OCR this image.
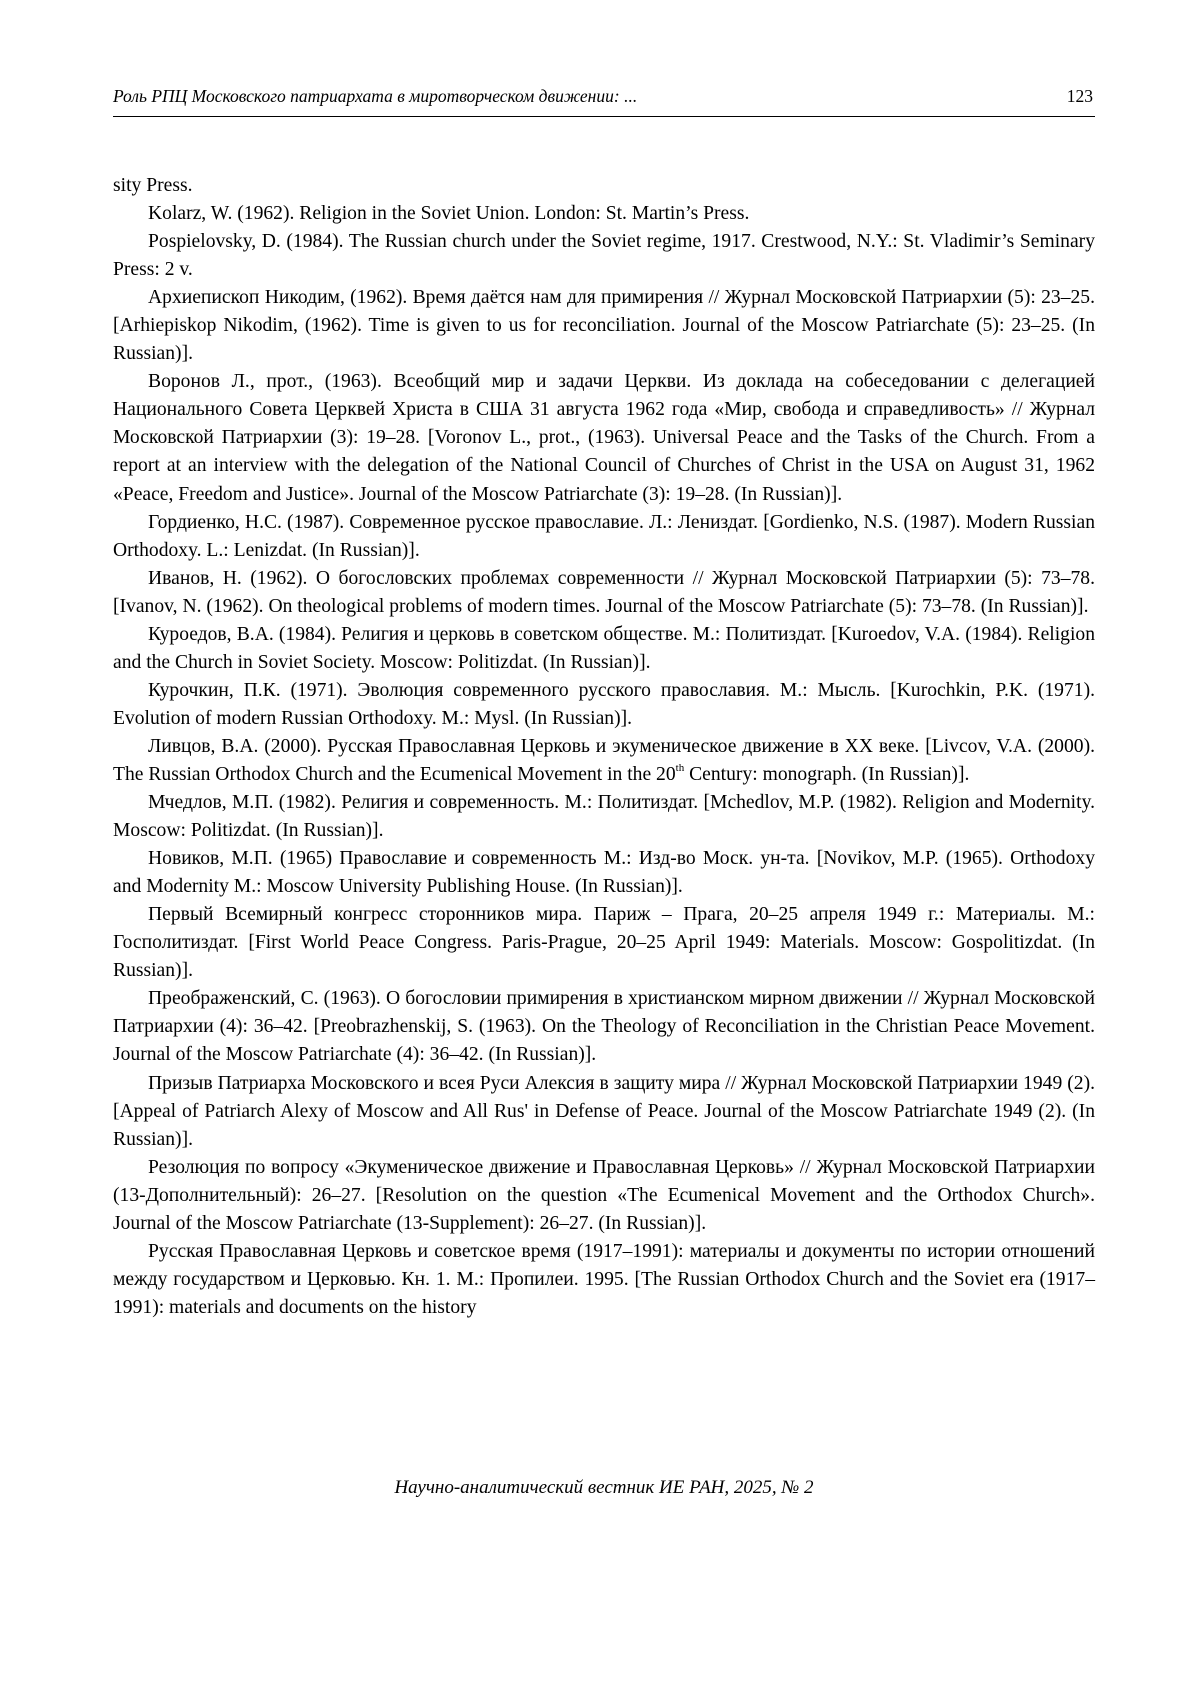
Роль РПЦ Московского патриархата в миротворческом движении: ...	123

sity Press.

Kolarz, W. (1962). Religion in the Soviet Union. London: St. Martin’s Press.

Pospielovsky, D. (1984). The Russian church under the Soviet regime, 1917. Crestwood, N.Y.: St. Vladimir’s Seminary Press: 2 v.

Архиепископ Никодим, (1962). Время даётся нам для примирения // Журнал Московской Патриархии (5): 23–25. [Arhiepiskop Nikodim, (1962). Time is given to us for reconciliation. Journal of the Moscow Patriarchate (5): 23–25. (In Russian)].

Воронов Л., прот., (1963). Всеобщий мир и задачи Церкви. Из доклада на собеседовании с делегацией Национального Совета Церквей Христа в США 31 августа 1962 года «Мир, свобода и справедливость» // Журнал Московской Патриархии (3): 19–28. [Voronov L., prot., (1963). Universal Peace and the Tasks of the Church. From a report at an interview with the delegation of the National Council of Churches of Christ in the USA on August 31, 1962 «Peace, Freedom and Justice». Journal of the Moscow Patriarchate (3): 19–28. (In Russian)].

Гордиенко, Н.С. (1987). Современное русское православие. Л.: Лениздат. [Gordienko, N.S. (1987). Modern Russian Orthodoxy. L.: Lenizdat. (In Russian)].

Иванов, Н. (1962). О богословских проблемах современности // Журнал Московской Патриархии (5): 73–78. [Ivanov, N. (1962). On theological problems of modern times. Journal of the Moscow Patriarchate (5): 73–78. (In Russian)].

Куроедов, В.А. (1984). Религия и церковь в советском обществе. М.: Политиздат. [Kuroedov, V.A. (1984). Religion and the Church in Soviet Society. Moscow: Politizdat. (In Russian)].

Курочкин, П.К. (1971). Эволюция современного русского православия. М.: Мысль. [Kurochkin, P.K. (1971). Evolution of modern Russian Orthodoxy. M.: Mysl. (In Russian)].

Ливцов, В.А. (2000). Русская Православная Церковь и экуменическое движение в XX веке. [Livcov, V.A. (2000). The Russian Orthodox Church and the Ecumenical Movement in the 20th Century: monograph. (In Russian)].

Мчедлов, М.П. (1982). Религия и современность. М.: Политиздат. [Mchedlov, M.P. (1982). Religion and Modernity. Moscow: Politizdat. (In Russian)].

Новиков, М.П. (1965) Православие и современность М.: Изд-во Моск. ун-та. [Novikov, M.P. (1965). Orthodoxy and Modernity M.: Moscow University Publishing House. (In Russian)].

Первый Всемирный конгресс сторонников мира. Париж – Прага, 20–25 апреля 1949 г.: Материалы. М.: Госполитиздат. [First World Peace Congress. Paris-Prague, 20–25 April 1949: Materials. Moscow: Gospolitizdat. (In Russian)].

Преображенский, С. (1963). О богословии примирения в христианском мирном движении // Журнал Московской Патриархии (4): 36–42. [Preobrazhenskij, S. (1963). On the Theology of Reconciliation in the Christian Peace Movement. Journal of the Moscow Patriarchate (4): 36–42. (In Russian)].

Призыв Патриарха Московского и всея Руси Алексия в защиту мира // Журнал Московской Патриархии 1949 (2). [Appeal of Patriarch Alexy of Moscow and All Rus' in Defense of Peace. Journal of the Moscow Patriarchate 1949 (2). (In Russian)].

Резолюция по вопросу «Экуменическое движение и Православная Церковь» // Журнал Московской Патриархии (13-Дополнительный): 26–27. [Resolution on the question «The Ecumenical Movement and the Orthodox Church». Journal of the Moscow Patriarchate (13-Supplement): 26–27. (In Russian)].

Русская Православная Церковь и советское время (1917–1991): материалы и документы по истории отношений между государством и Церковью. Кн. 1. М.: Пропилеи. 1995. [The Russian Orthodox Church and the Soviet era (1917–1991): materials and documents on the history

Научно-аналитический вестник ИЕ РАН, 2025, № 2
